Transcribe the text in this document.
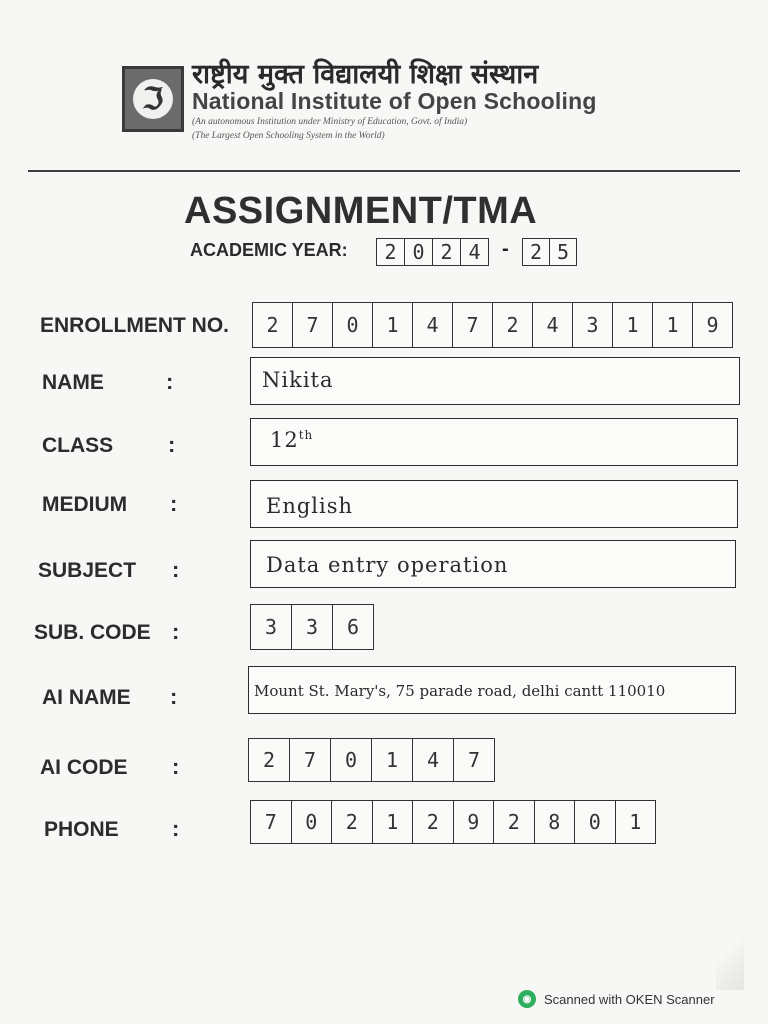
ℑ
राष्ट्रीय मुक्त विद्यालयी शिक्षा संस्थान
National Institute of Open Schooling
(An autonomous Institution under Ministry of Education, Govt. of India)
(The Largest Open Schooling System in the World)
ASSIGNMENT/TMA
ACADEMIC YEAR:	2 0 2 4	-	2 5
ENROLLMENT NO.	2	7	0	1	4	7	2	4	3	1	1	9
NAME	:	Nikita
CLASS :	12th
MEDIUM :	English
SUBJECT :	Data entry operation
SUB. CODE :	3	3	6
AI NAME :	Mount St. Mary's, 75 parade road, delhi cantt 110010
AI CODE :	2	7	0	1	4	7
PHONE :	7	0	2	1	2	9	2	8	0	1
◉ Scanned with OKEN Scanner
